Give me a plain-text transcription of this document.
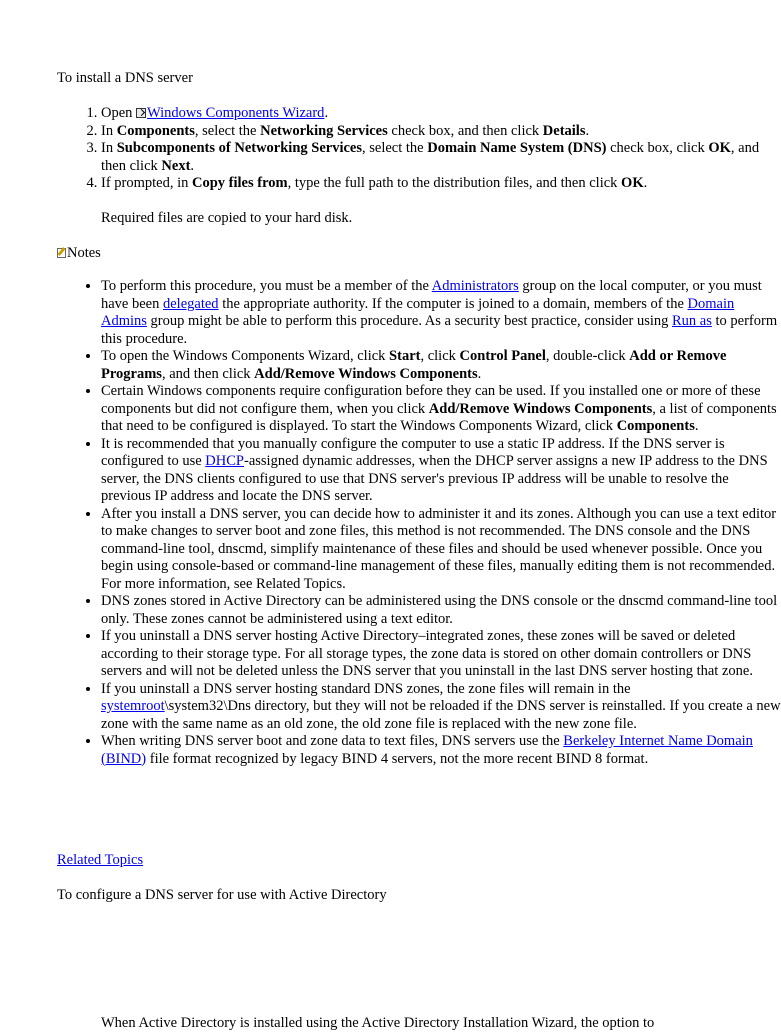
To install a DNS server

1. Open Windows Components Wizard.
2. In Components, select the Networking Services check box, and then click Details.
3. In Subcomponents of Networking Services, select the Domain Name System (DNS) check box, click OK, and then click Next.
4. If prompted, in Copy files from, type the full path to the distribution files, and then click OK.

Required files are copied to your hard disk.

Notes

• To perform this procedure, you must be a member of the Administrators group on the local computer, or you must have been delegated the appropriate authority. If the computer is joined to a domain, members of the Domain Admins group might be able to perform this procedure. As a security best practice, consider using Run as to perform this procedure.
• To open the Windows Components Wizard, click Start, click Control Panel, double-click Add or Remove Programs, and then click Add/Remove Windows Components.
• Certain Windows components require configuration before they can be used. If you installed one or more of these components but did not configure them, when you click Add/Remove Windows Components, a list of components that need to be configured is displayed. To start the Windows Components Wizard, click Components.
• It is recommended that you manually configure the computer to use a static IP address. If the DNS server is configured to use DHCP-assigned dynamic addresses, when the DHCP server assigns a new IP address to the DNS server, the DNS clients configured to use that DNS server's previous IP address will be unable to resolve the previous IP address and locate the DNS server.
• After you install a DNS server, you can decide how to administer it and its zones. Although you can use a text editor to make changes to server boot and zone files, this method is not recommended. The DNS console and the DNS command-line tool, dnscmd, simplify maintenance of these files and should be used whenever possible. Once you begin using console-based or command-line management of these files, manually editing them is not recommended. For more information, see Related Topics.
• DNS zones stored in Active Directory can be administered using the DNS console or the dnscmd command-line tool only. These zones cannot be administered using a text editor.
• If you uninstall a DNS server hosting Active Directory–integrated zones, these zones will be saved or deleted according to their storage type. For all storage types, the zone data is stored on other domain controllers or DNS servers and will not be deleted unless the DNS server that you uninstall in the last DNS server hosting that zone.
• If you uninstall a DNS server hosting standard DNS zones, the zone files will remain in the systemroot\system32\Dns directory, but they will not be reloaded if the DNS server is reinstalled. If you create a new zone with the same name as an old zone, the old zone file is replaced with the new zone file.
• When writing DNS server boot and zone data to text files, DNS servers use the Berkeley Internet Name Domain (BIND) file format recognized by legacy BIND 4 servers, not the more recent BIND 8 format.
Related Topics

To configure a DNS server for use with Active Directory

When Active Directory is installed using the Active Directory Installation Wizard, the option to
